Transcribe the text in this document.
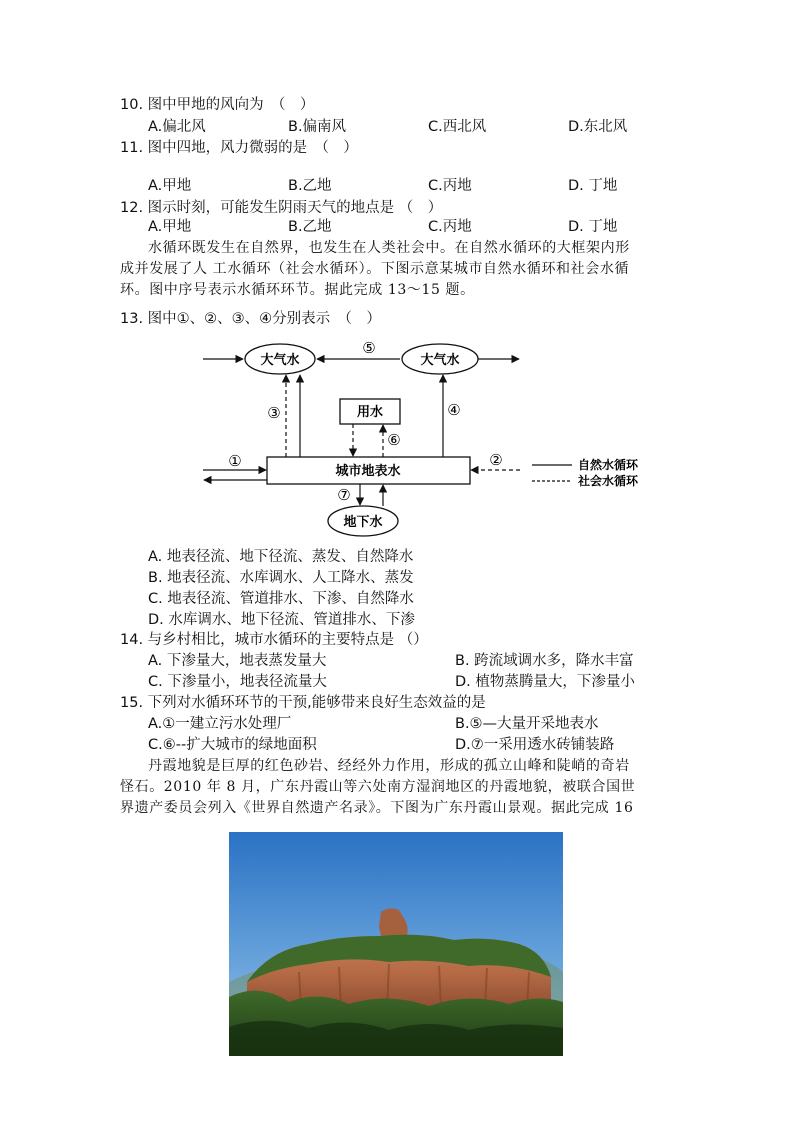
10. 图中甲地的风向为　（　）
A.偏北风	B.偏南风	C.西北风	D.东北风
11. 图中四地，风力微弱的是　（　）
A.甲地	B.乙地	C.丙地	D. 丁地
12. 图示时刻，可能发生阴雨天气的地点是 （　）
A.甲地	B.乙地	C.丙地	D. 丁地
水循环既发生在自然界，也发生在人类社会中。在自然水循环的大框架内形
成并发展了人 工水循环（社会水循环）。下图示意某城市自然水循环和社会水循
环。图中序号表示水循环环节。据此完成 13～15 题。
13. 图中①、②、③、④分别表示　（　）
大气水	大气水
用水
城市地表水
地下水
⑤
③	④
⑥
①	②
⑦
自然水循环
社会水循环
A. 地表径流、地下径流、蒸发、自然降水
B. 地表径流、水库调水、人工降水、蒸发
C. 地表径流、管道排水、下渗、自然降水
D. 水库调水、地下径流、管道排水、下渗
14. 与乡村相比，城市水循环的主要特点是 （）
A. 下渗量大，地表蒸发量大	B. 跨流域调水多，降水丰富
C. 下渗量小，地表径流量大	D. 植物蒸腾量大，下渗量小
15. 下列对水循环环节的干预,能够带来良好生态效益的是
A.①一建立污水处理厂	B.⑤—大量开采地表水
C.⑥--扩大城市的绿地面积	D.⑦一采用透水砖铺装路
丹霞地貌是巨厚的红色砂岩、经经外力作用，形成的孤立山峰和陡峭的奇岩
怪石。2010 年 8 月，广东丹霞山等六处南方湿润地区的丹霞地貌，被联合国世
界遗产委员会列入《世界自然遗产名录》。下图为广东丹霞山景观。据此完成 16
